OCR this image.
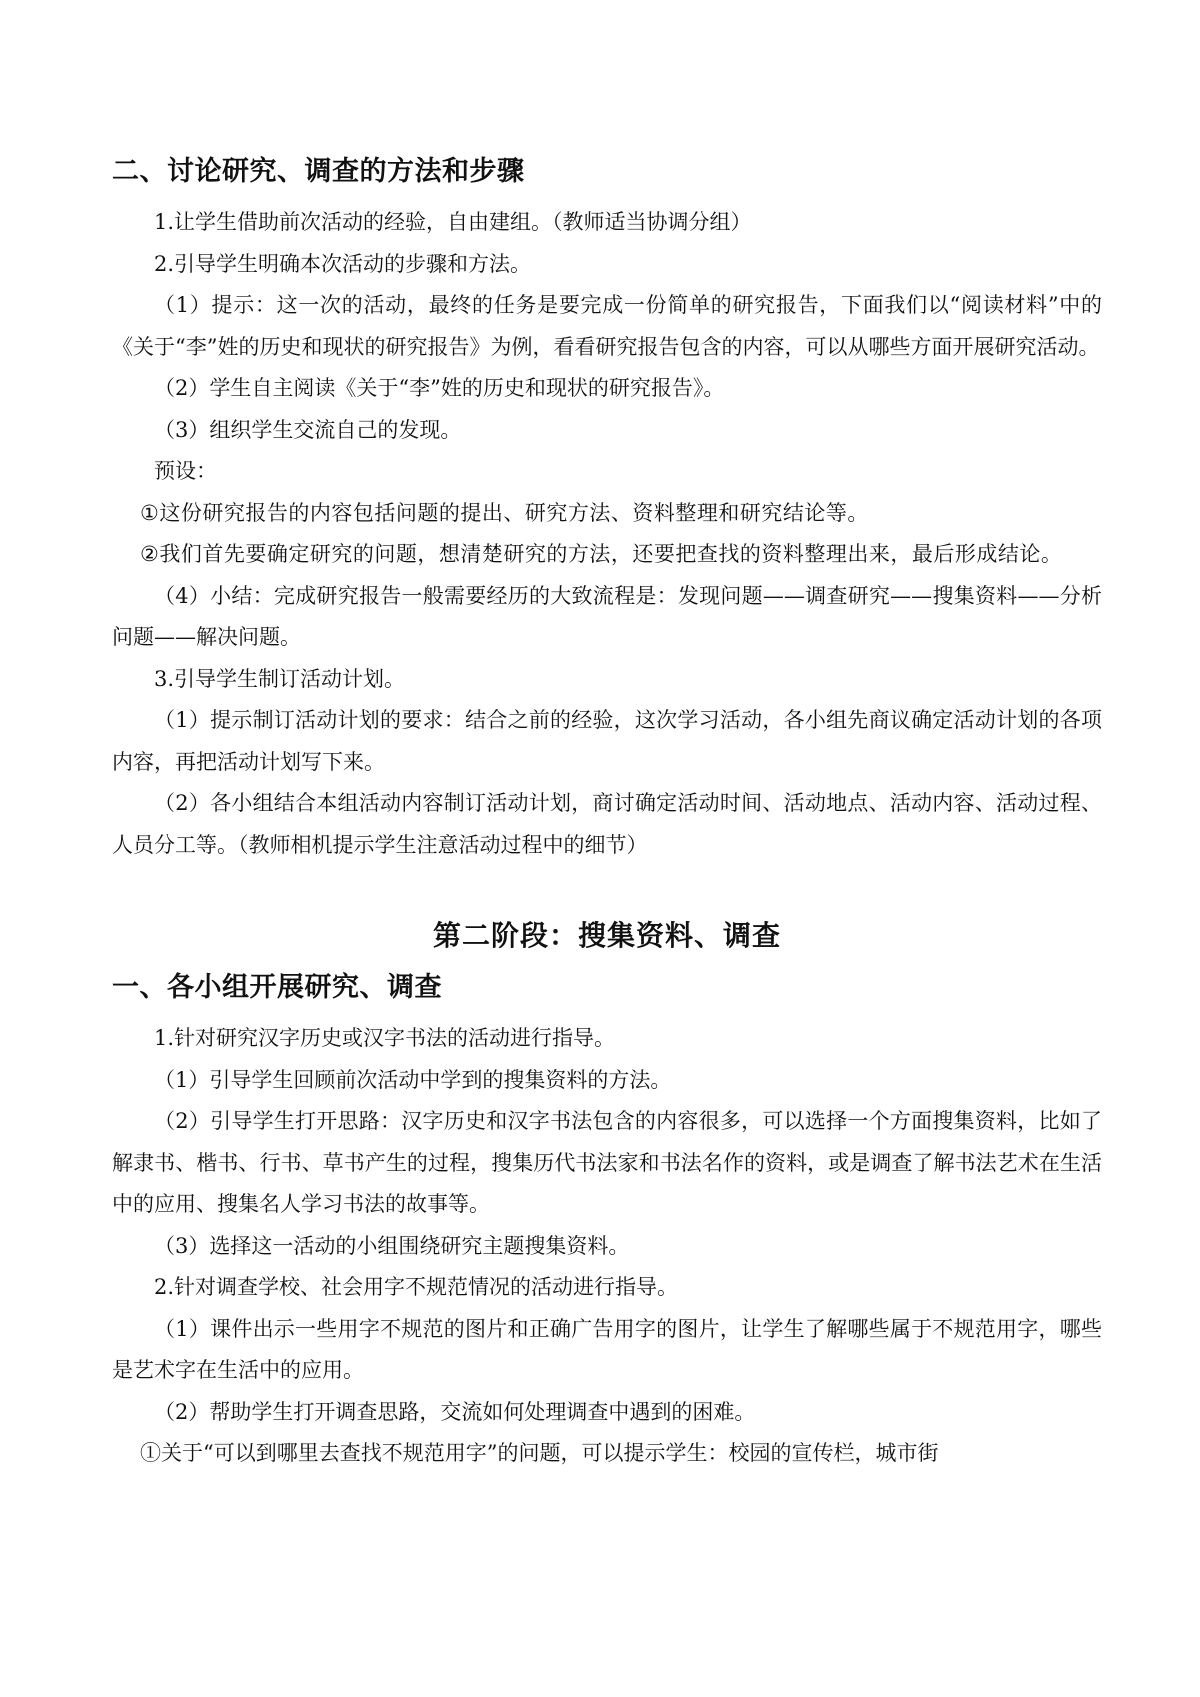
二、讨论研究、调查的方法和步骤

1.让学生借助前次活动的经验，自由建组。（教师适当协调分组）

2.引导学生明确本次活动的步骤和方法。

（1）提示：这一次的活动，最终的任务是要完成一份简单的研究报告，下面我们以“阅读材料”中的《关于“李”姓的历史和现状的研究报告》为例，看看研究报告包含的内容，可以从哪些方面开展研究活动。

（2）学生自主阅读《关于“李”姓的历史和现状的研究报告》。

（3）组织学生交流自己的发现。

预设：

①这份研究报告的内容包括问题的提出、研究方法、资料整理和研究结论等。

②我们首先要确定研究的问题，想清楚研究的方法，还要把查找的资料整理出来，最后形成结论。

（4）小结：完成研究报告一般需要经历的大致流程是：发现问题——调查研究——搜集资料——分析问题——解决问题。

3.引导学生制订活动计划。

（1）提示制订活动计划的要求：结合之前的经验，这次学习活动，各小组先商议确定活动计划的各项内容，再把活动计划写下来。

（2）各小组结合本组活动内容制订活动计划，商讨确定活动时间、活动地点、活动内容、活动过程、人员分工等。（教师相机提示学生注意活动过程中的细节）

第二阶段：搜集资料、调查
一、各小组开展研究、调查

1.针对研究汉字历史或汉字书法的活动进行指导。

（1）引导学生回顾前次活动中学到的搜集资料的方法。

（2）引导学生打开思路：汉字历史和汉字书法包含的内容很多，可以选择一个方面搜集资料，比如了解隶书、楷书、行书、草书产生的过程，搜集历代书法家和书法名作的资料，或是调查了解书法艺术在生活中的应用、搜集名人学习书法的故事等。

（3）选择这一活动的小组围绕研究主题搜集资料。

2.针对调查学校、社会用字不规范情况的活动进行指导。

（1）课件出示一些用字不规范的图片和正确广告用字的图片，让学生了解哪些属于不规范用字，哪些是艺术字在生活中的应用。

（2）帮助学生打开调查思路，交流如何处理调查中遇到的困难。

①关于“可以到哪里去查找不规范用字”的问题，可以提示学生：校园的宣传栏，城市街
